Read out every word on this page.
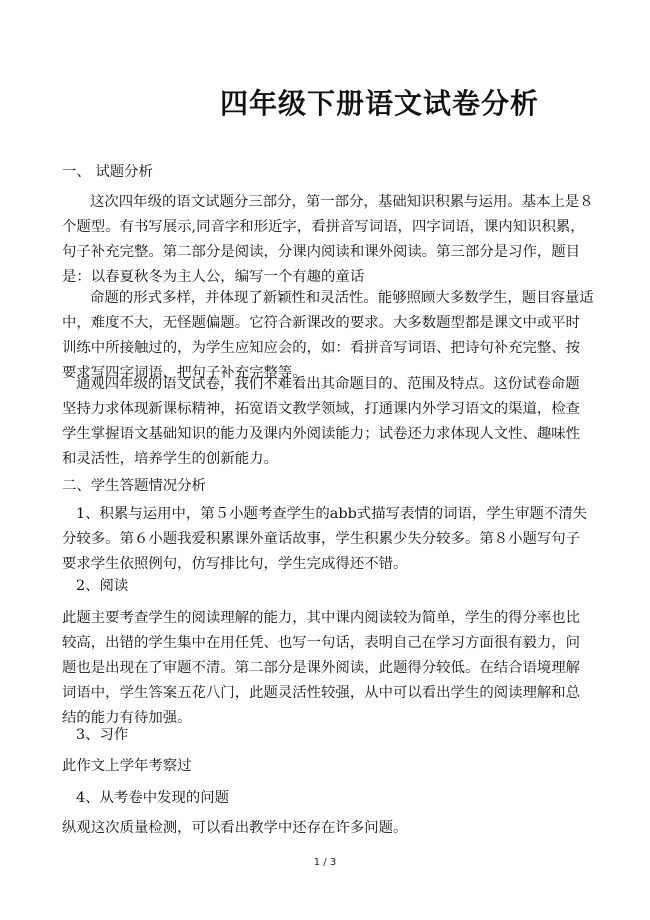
四年级下册语文试卷分析

一、 试题分析

这次四年级的语文试题分三部分，第一部分，基础知识积累与运用。基本上是８个题型。有书写展示,同音字和形近字，看拼音写词语，四字词语，课内知识积累，句子补充完整。第二部分是阅读，分课内阅读和课外阅读。第三部分是习作，题目是：以春夏秋冬为主人公，编写一个有趣的童话

命题的形式多样，并体现了新颖性和灵活性。能够照顾大多数学生，题目容量适中，难度不大，无怪题偏题。它符合新课改的要求。大多数题型都是课文中或平时训练中所接触过的，为学生应知应会的，如：看拼音写词语、把诗句补充完整、按要求写四字词语、把句子补充完整等。

通观四年级的语文试卷，我们不难看出其命题目的、范围及特点。这份试卷命题坚持力求体现新课标精神，拓宽语文教学领域，打通课内外学习语文的渠道，检查学生掌握语文基础知识的能力及课内外阅读能力；试卷还力求体现人文性、趣味性和灵活性，培养学生的创新能力。

二、学生答题情况分析

1、积累与运用中，第５小题考查学生的abb式描写表情的词语，学生审题不清失分较多。第６小题我爱积累课外童话故事，学生积累少失分较多。第８小题写句子要求学生依照例句，仿写排比句，学生完成得还不错。

2、阅读

此题主要考查学生的阅读理解的能力，其中课内阅读较为简单，学生的得分率也比较高，出错的学生集中在用任凭、也写一句话，表明自己在学习方面很有毅力，问题也是出现在了审题不清。第二部分是课外阅读，此题得分较低。在结合语境理解词语中，学生答案五花八门，此题灵活性较强，从中可以看出学生的阅读理解和总结的能力有待加强。

3、习作

此作文上学年考察过

4、从考卷中发现的问题

纵观这次质量检测，可以看出教学中还存在许多问题。

1 / 3
